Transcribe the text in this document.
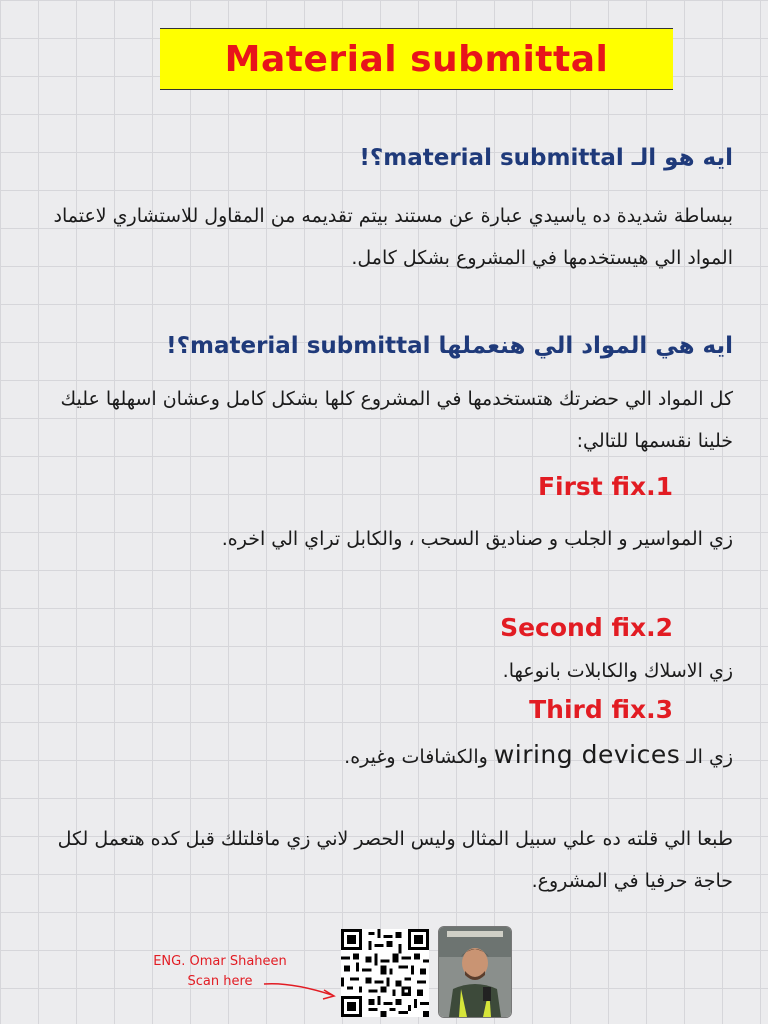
Material submittal
ايه هو الـ material submittal؟!
ببساطة شديدة ده ياسيدي عبارة عن مستند بيتم تقديمه من المقاول للاستشاري لاعتماد المواد الي هيستخدمها في المشروع بشكل كامل.
ايه هي المواد الي هنعملها material submittal؟!
كل المواد الي حضرتك هتستخدمها في المشروع كلها بشكل كامل وعشان اسهلها عليك خلينا نقسمها للتالي:
First fix.1
زي المواسير و الجلب و صناديق السحب ، والكابل تراي الي اخره.
Second fix.2
زي الاسلاك والكابلات بانوعها.
Third fix.3
زي الـ wiring devices والكشافات وغيره.
طبعا الي قلته ده علي سبيل المثال وليس الحصر لاني زي ماقلتلك قبل كده هتعمل لكل حاجة حرفيا في المشروع.
ENG. Omar Shaheen
Scan here
